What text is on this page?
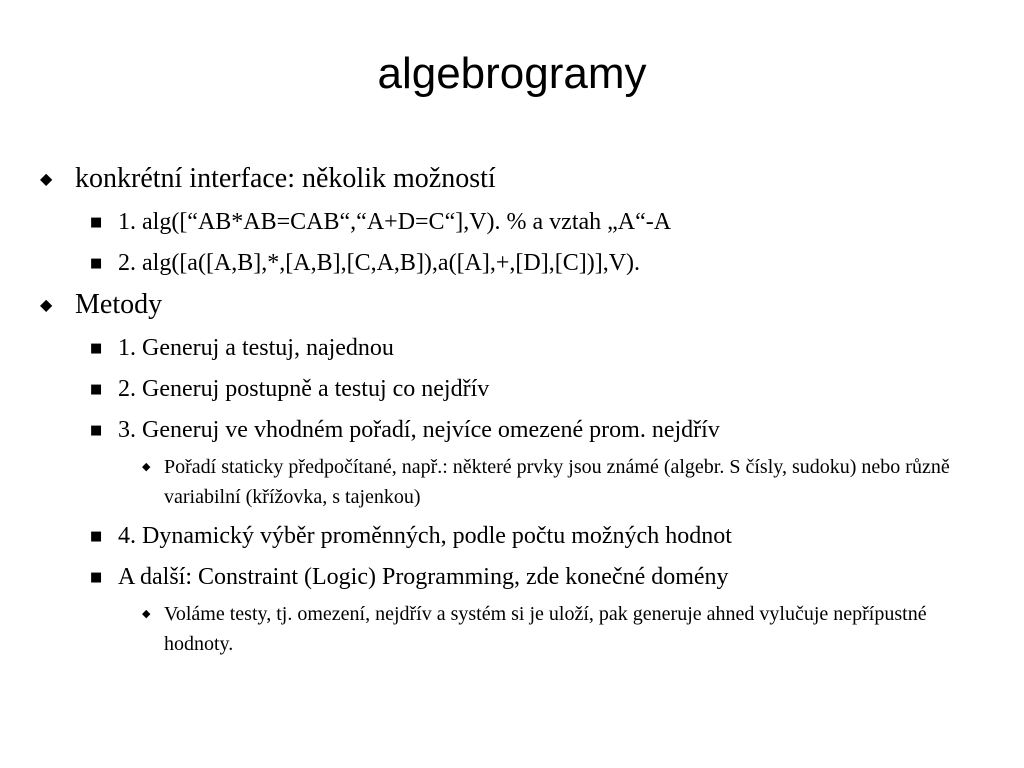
algebrogramy
◆ konkrétní interface: několik možností
■ 1. alg([“AB*AB=CAB“,“A+D=C“],V). % a vztah „A“-A
■ 2. alg([a([A,B],*,[A,B],[C,A,B]),a([A],+,[D],[C])],V).
◆ Metody
■ 1. Generuj a testuj, najednou
■ 2. Generuj postupně a testuj co nejdřív
■ 3. Generuj ve vhodném pořadí, nejvíce omezené prom. nejdřív
◆ Pořadí staticky předpočítané, např.: některé prvky jsou známé (algebr. S čísly, sudoku) nebo různě variabilní (křížovka, s tajenkou)
■ 4. Dynamický výběr proměnných, podle počtu možných hodnot
■ A další: Constraint (Logic) Programming, zde konečné domény
◆ Voláme testy, tj. omezení, nejdřív a systém si je uloží, pak generuje ahned vylučuje nepřípustné hodnoty.
